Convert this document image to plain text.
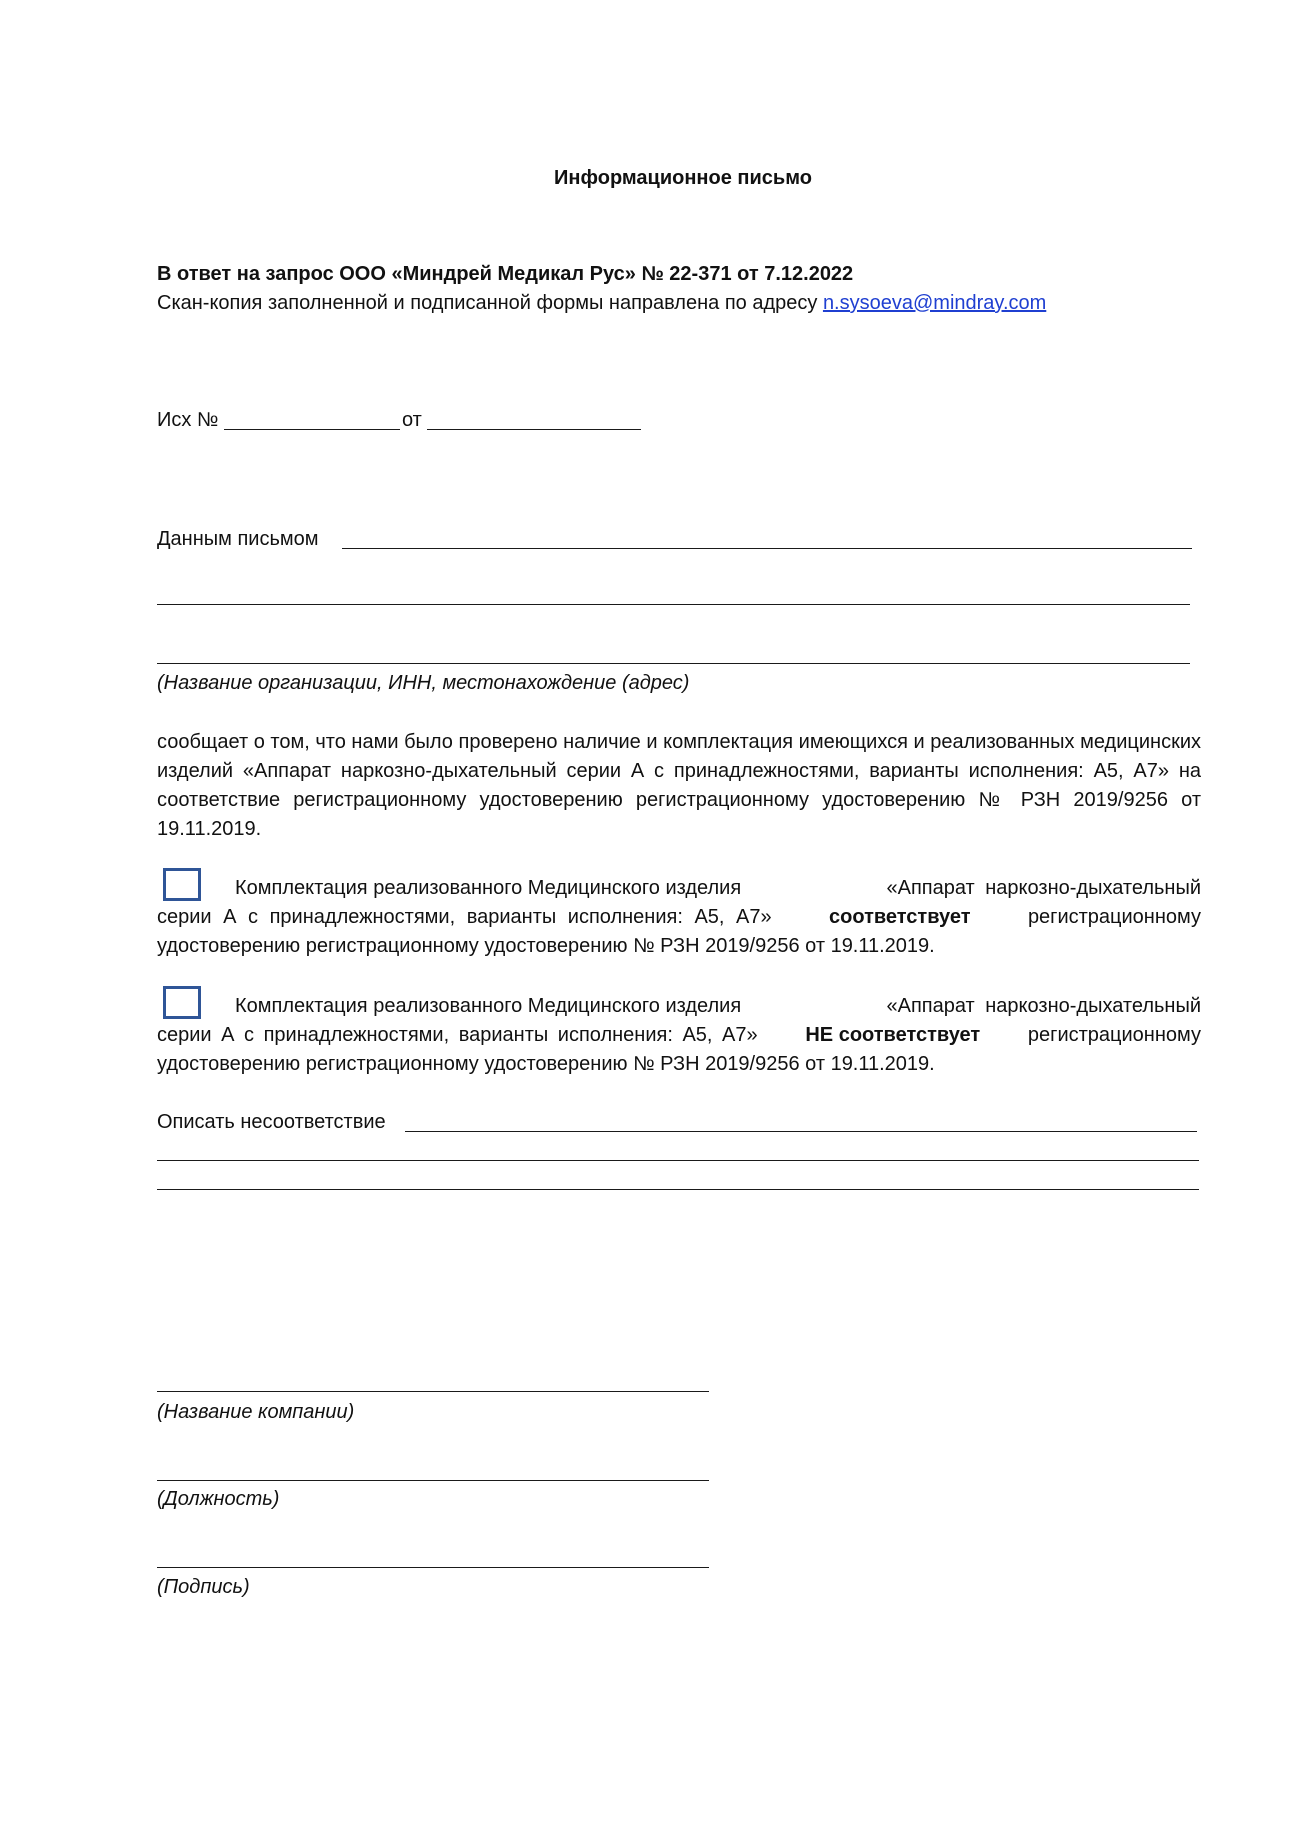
Информационное письмо
В ответ на запрос ООО «Миндрей Медикал Рус» № 22-371 от 7.12.2022
Скан-копия заполненной и подписанной формы направлена по адресу n.sysoeva@mindray.com
Исх №	от
Данным письмом
(Название организации, ИНН, местонахождение (адрес)
сообщает о том, что нами было проверено наличие и комплектация имеющихся и реализованных медицинских изделий «Аппарат наркозно-дыхательный серии А с принадлежностями, варианты исполнения: А5, А7» на соответствие регистрационному удостоверению регистрационному удостоверению № РЗН 2019/9256 от 19.11.2019.
Комплектация реализованного Медицинского изделия	«Аппарат наркозно-дыхательный
серии А с принадлежностями, варианты исполнения: А5, А7»	соответствует	регистрационному
удостоверению регистрационному удостоверению № РЗН 2019/9256 от 19.11.2019.
Комплектация реализованного Медицинского изделия	«Аппарат наркозно-дыхательный
серии А с принадлежностями, варианты исполнения: А5, А7» НЕ соответствует регистрационному
удостоверению регистрационному удостоверению № РЗН 2019/9256 от 19.11.2019.
Описать несоответствие
(Название компании)
(Должность)
(Подпись)
